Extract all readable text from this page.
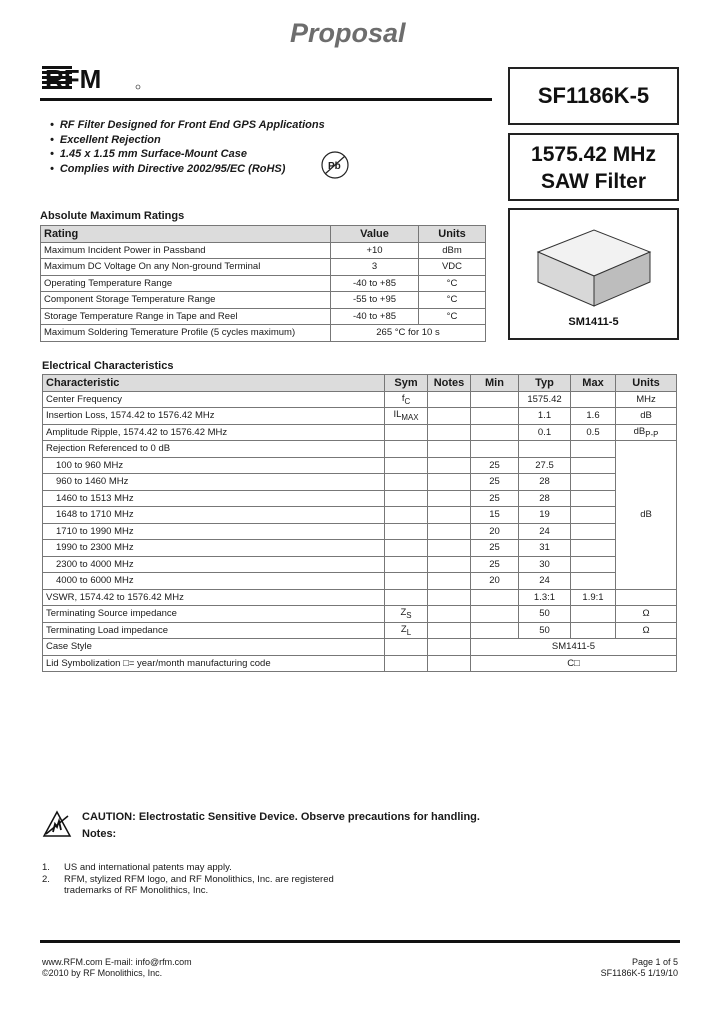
Proposal
RFM
SF1186K-5
1575.42 MHz
SAW Filter
SM1411-5
• RF Filter Designed for Front End GPS Applications
• Excellent Rejection
• 1.45 x 1.15 mm Surface-Mount Case
• Complies with Directive 2002/95/EC (RoHS)	Pb
Absolute Maximum Ratings
Rating	Value	Units
Maximum Incident Power in Passband	+10	dBm
Maximum DC Voltage On any Non-ground Terminal	3	VDC
Operating Temperature Range	-40 to +85	°C
Component Storage Temperature Range	-55 to +95	°C
Storage Temperature Range in Tape and Reel	-40 to +85	°C
Maximum Soldering Temerature Profile (5 cycles maximum)	265 °C for 10 s	
Electrical Characteristics
Characteristic	Sym	Notes	Min	Typ	Max	Units
Center Frequency	$f_C$			1575.42		MHz
Insertion Loss, 1574.42 to 1576.42 MHz	$IL_{MAX}$			1.1	1.6	dB
Amplitude Ripple, 1574.42 to 1576.42 MHz				0.1	0.5	$dB_{P-P}$
Rejection Referenced to 0 dB						dB
100 to 960 MHz			25	27.5		
960 to 1460 MHz			25	28		
1460 to 1513 MHz			25	28		
1648 to 1710 MHz			15	19		
1710 to 1990 MHz			20	24		
1990 to 2300 MHz			25	31		
2300 to 4000 MHz			25	30		
4000 to 6000 MHz			20	24		
VSWR, 1574.42 to 1576.42 MHz				1.3:1	1.9:1	
Terminating Source impedance	$Z_S$			50		Ω
Terminating Load impedance	$Z_L$			50		Ω
Case Style			SM1411-5			
Lid Symbolization □= year/month manufacturing code			C□			
CAUTION: Electrostatic Sensitive Device. Observe precautions for handling.
Notes:
1. US and international patents may apply.
2. RFM, stylized RFM logo, and RF Monolithics, Inc. are registered
trademarks of RF Monolithics, Inc.
www.RFM.com E-mail: info@rfm.com
©2010 by RF Monolithics, Inc.
Page 1 of 5
SF1186K-5 1/19/10
